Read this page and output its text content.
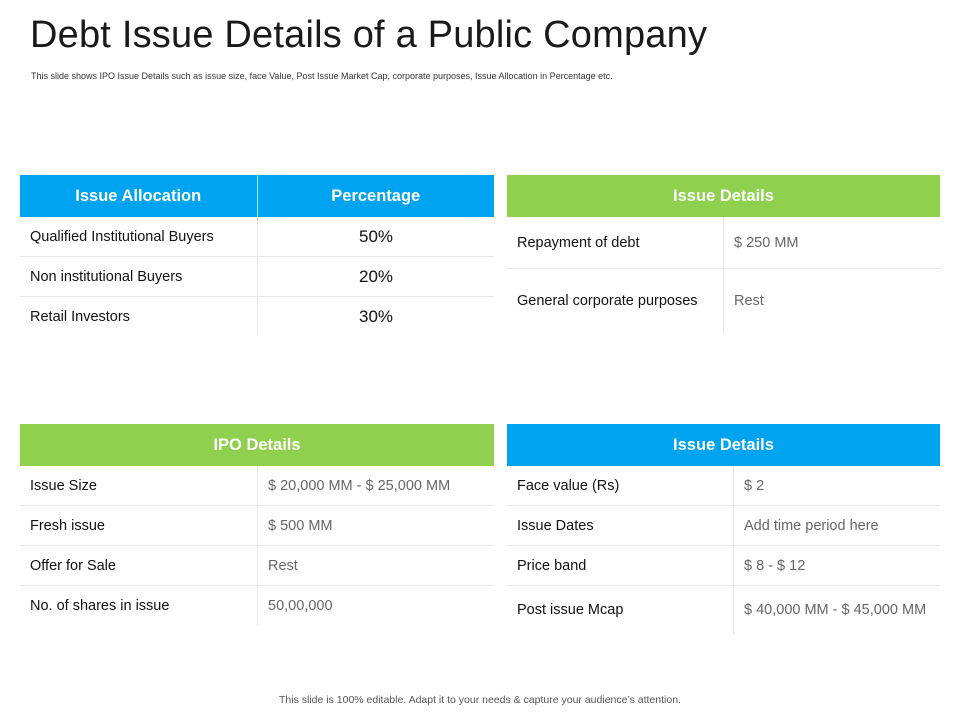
Debt Issue Details of a Public Company
This slide shows IPO Issue Details such as issue size, face Value, Post Issue Market Cap, corporate purposes, Issue Allocation in Percentage etc.
Issue Allocation	Percentage
Qualified Institutional Buyers	50%
Non institutional Buyers	20%
Retail Investors	30%
Issue Details
Repayment of debt	$ 250 MM
General corporate purposes	Rest
IPO Details
Issue Size	$ 20,000 MM - $ 25,000 MM
Fresh issue	$ 500 MM
Offer for Sale	Rest
No. of shares in issue	50,00,000
Issue Details
Face value (Rs)	$ 2
Issue Dates	Add time period here
Price band	$ 8 - $ 12
Post issue Mcap	$ 40,000 MM - $ 45,000 MM
This slide is 100% editable. Adapt it to your needs & capture your audience’s attention.
